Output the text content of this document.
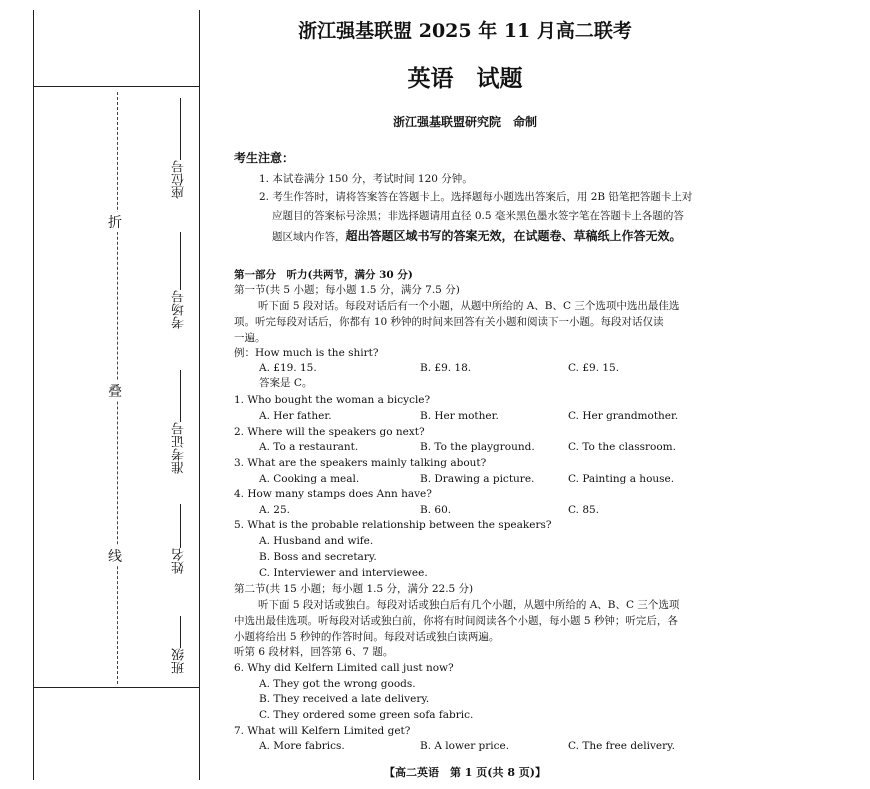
折
叠
线
座位号
考场号
准考证号
姓名
班级
浙江强基联盟 2025 年 11 月高二联考
英语　试题
浙江强基联盟研究院　命制
考生注意：
1. 本试卷满分 150 分，考试时间 120 分钟。
2. 考生作答时，请将答案答在答题卡上。选择题每小题选出答案后，用 2B 铅笔把答题卡上对
应题目的答案标号涂黑；非选择题请用直径 0.5 毫米黑色墨水签字笔在答题卡上各题的答
题区域内作答，超出答题区域书写的答案无效，在试题卷、草稿纸上作答无效。
第一部分　听力(共两节，满分 30 分)
第一节(共 5 小题；每小题 1.5 分，满分 7.5 分)
听下面 5 段对话。每段对话后有一个小题，从题中所给的 A、B、C 三个选项中选出最佳选
项。听完每段对话后，你都有 10 秒钟的时间来回答有关小题和阅读下一小题。每段对话仅读
一遍。
例：How much is the shirt?
A. £19. 15.	B. £9. 18.	C. £9. 15.
答案是 C。
1. Who bought the woman a bicycle?
A. Her father.	B. Her mother.	C. Her grandmother.
2. Where will the speakers go next?
A. To a restaurant.	B. To the playground.	C. To the classroom.
3. What are the speakers mainly talking about?
A. Cooking a meal.	B. Drawing a picture.	C. Painting a house.
4. How many stamps does Ann have?
A. 25.	B. 60.	C. 85.
5. What is the probable relationship between the speakers?
A. Husband and wife.
B. Boss and secretary.
C. Interviewer and interviewee.
第二节(共 15 小题；每小题 1.5 分，满分 22.5 分)
听下面 5 段对话或独白。每段对话或独白后有几个小题，从题中所给的 A、B、C 三个选项
中选出最佳选项。听每段对话或独白前，你将有时间阅读各个小题，每小题 5 秒钟；听完后，各
小题将给出 5 秒钟的作答时间。每段对话或独白读两遍。
听第 6 段材料，回答第 6、7 题。
6. Why did Kelfern Limited call just now?
A. They got the wrong goods.
B. They received a late delivery.
C. They ordered some green sofa fabric.
7. What will Kelfern Limited get?
A. More fabrics.	B. A lower price.	C. The free delivery.
【高二英语　第 1 页(共 8 页)】
